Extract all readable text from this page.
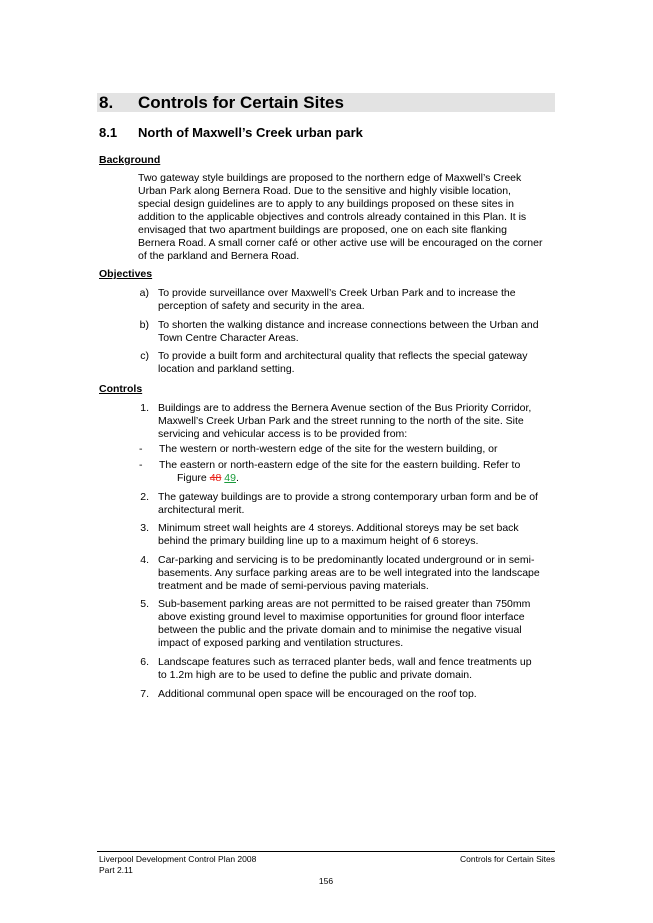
8. Controls for Certain Sites
8.1 North of Maxwell’s Creek urban park
Background
Two gateway style buildings are proposed to the northern edge of Maxwell’s Creek
Urban Park along Bernera Road. Due to the sensitive and highly visible location,
special design guidelines are to apply to any buildings proposed on these sites in
addition to the applicable objectives and controls already contained in this Plan. It is
envisaged that two apartment buildings are proposed, one on each site flanking
Bernera Road. A small corner café or other active use will be encouraged on the corner
of the parkland and Bernera Road.
Objectives
a) To provide surveillance over Maxwell’s Creek Urban Park and to increase the
perception of safety and security in the area.
b) To shorten the walking distance and increase connections between the Urban and
Town Centre Character Areas.
c) To provide a built form and architectural quality that reflects the special gateway
location and parkland setting.
Controls
1. Buildings are to address the Bernera Avenue section of the Bus Priority Corridor,
Maxwell’s Creek Urban Park and the street running to the north of the site. Site
servicing and vehicular access is to be provided from:
- The western or north-western edge of the site for the western building, or
- The eastern or north-eastern edge of the site for the eastern building. Refer to
Figure 48 49.
2. The gateway buildings are to provide a strong contemporary urban form and be of
architectural merit.
3. Minimum street wall heights are 4 storeys. Additional storeys may be set back
behind the primary building line up to a maximum height of 6 storeys.
4. Car-parking and servicing is to be predominantly located underground or in semi-
basements. Any surface parking areas are to be well integrated into the landscape
treatment and be made of semi-pervious paving materials.
5. Sub-basement parking areas are not permitted to be raised greater than 750mm
above existing ground level to maximise opportunities for ground floor interface
between the public and the private domain and to minimise the negative visual
impact of exposed parking and ventilation structures.
6. Landscape features such as terraced planter beds, wall and fence treatments up
to 1.2m high are to be used to define the public and private domain.
7. Additional communal open space will be encouraged on the roof top.
Liverpool Development Control Plan 2008
Part 2.11
Controls for Certain Sites
156
